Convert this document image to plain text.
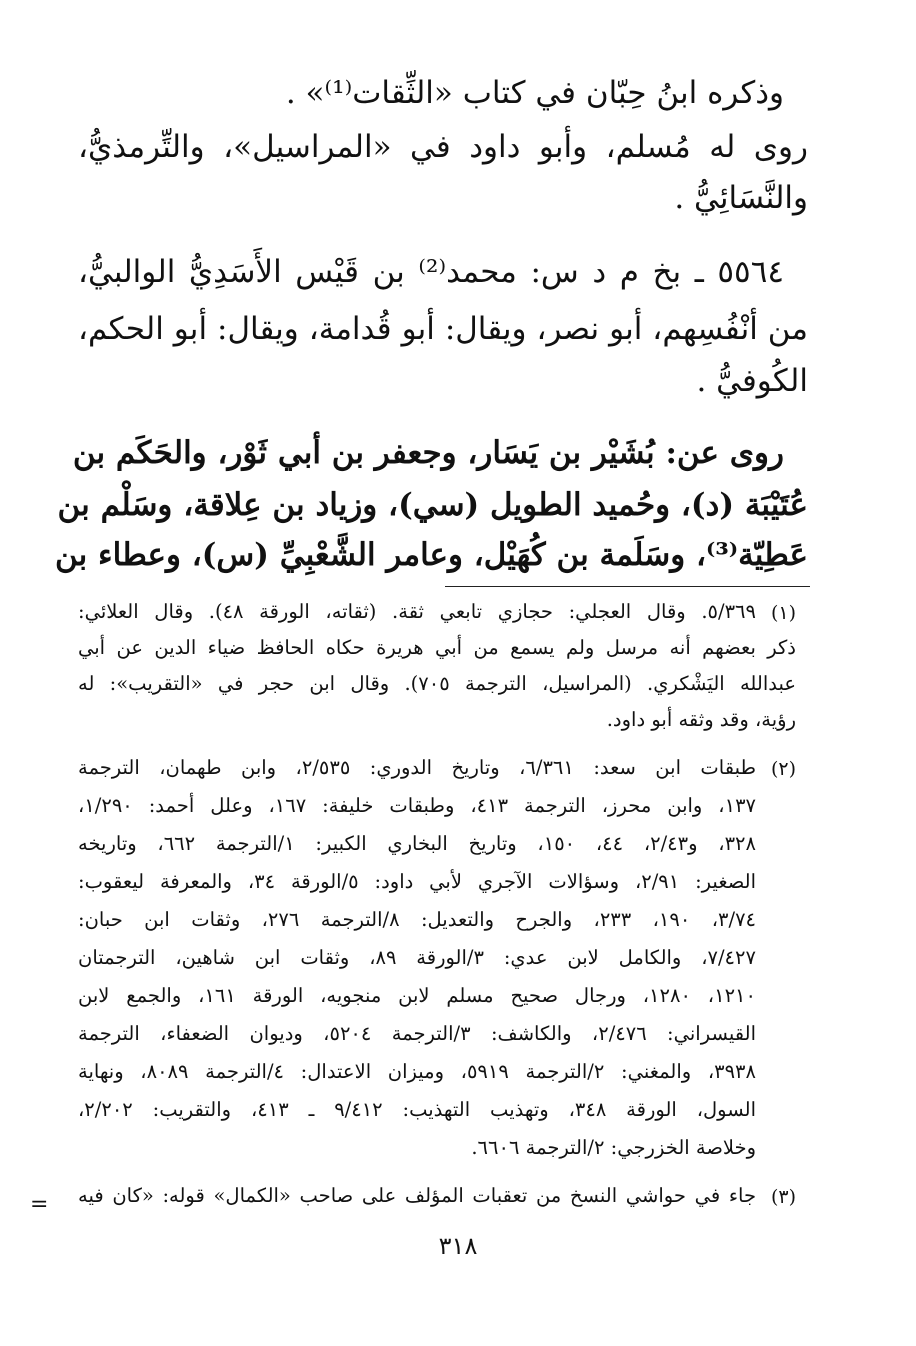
وذكره ابنُ حِبّان في كتاب «الثِّقات⁽¹⁾» .
روى له مُسلم، وأبو داود في «المراسيل»، والتِّرمذيُّ،
والنَّسَائِيُّ .
٥٥٦٤ ـ بخ م د س: محمد⁽²⁾ بن قَيْس الأَسَدِيُّ الوالبيُّ،
من أنْفُسِهم، أبو نصر، ويقال: أبو قُدامة، ويقال: أبو الحكم،
الكُوفيُّ .
روى عن: بُشَيْر بن يَسَار، وجعفر بن أبي ثَوْر، والحَكَم بن
عُتَيْبَة (د)، وحُميد الطويل (سي)، وزياد بن عِلاقة، وسَلْم بن
عَطِيّة⁽³⁾، وسَلَمة بن كُهَيْل، وعامر الشَّعْبِيِّ (س)، وعطاء بن
(١)
٥/٣٦٩. وقال العجلي: حجازي تابعي ثقة. (ثقاته، الورقة ٤٨). وقال العلائي:
ذكر بعضهم أنه مرسل ولم يسمع من أبي هريرة حكاه الحافظ ضياء الدين عن أبي
عبدالله اليَشْكري. (المراسيل، الترجمة ٧٠٥). وقال ابن حجر في «التقريب»: له
رؤية، وقد وثقه أبو داود.
(٢)
طبقات ابن سعد: ٦/٣٦١، وتاريخ الدوري: ٢/٥٣٥، وابن طهمان، الترجمة
١٣٧، وابن محرز، الترجمة ٤١٣، وطبقات خليفة: ١٦٧، وعلل أحمد: ١/٢٩٠،
٣٢٨، و٢/٤٣، ٤٤، ١٥٠، وتاريخ البخاري الكبير: ١/الترجمة ٦٦٢، وتاريخه
الصغير: ٢/٩١، وسؤالات الآجري لأبي داود: ٥/الورقة ٣٤، والمعرفة ليعقوب:
٣/٧٤، ١٩٠، ٢٣٣، والجرح والتعديل: ٨/الترجمة ٢٧٦، وثقات ابن حبان:
٧/٤٢٧، والكامل لابن عدي: ٣/الورقة ٨٩، وثقات ابن شاهين، الترجمتان
١٢١٠، ١٢٨٠، ورجال صحيح مسلم لابن منجويه، الورقة ١٦١، والجمع لابن
القيسراني: ٢/٤٧٦، والكاشف: ٣/الترجمة ٥٢٠٤، وديوان الضعفاء، الترجمة
٣٩٣٨، والمغني: ٢/الترجمة ٥٩١٩، وميزان الاعتدال: ٤/الترجمة ٨٠٨٩، ونهاية
السول، الورقة ٣٤٨، وتهذيب التهذيب: ٩/٤١٢ ـ ٤١٣، والتقريب: ٢/٢٠٢،
وخلاصة الخزرجي: ٢/الترجمة ٦٦٠٦.
(٣)
جاء في حواشي النسخ من تعقبات المؤلف على صاحب «الكمال» قوله: «كان فيه
=
٣١٨
